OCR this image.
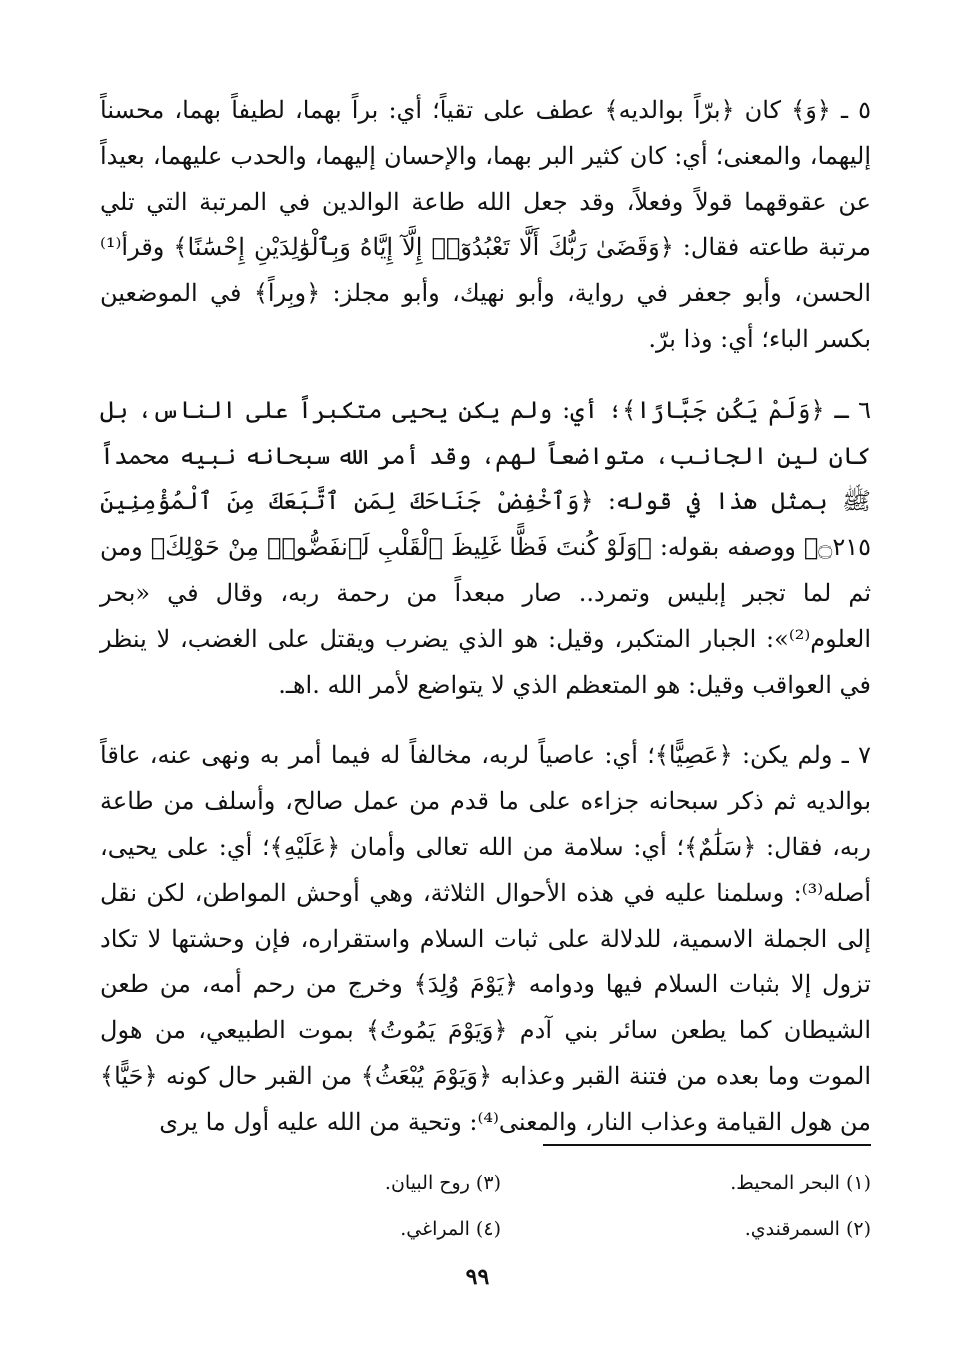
٥ ـ ﴿وَ﴾ كان ﴿برّاً بوالديه﴾ عطف على تقياً؛ أي: براً بهما، لطيفاً بهما، محسناً إليهما، والمعنى؛ أي: كان كثير البر بهما، والإحسان إليهما، والحدب عليهما، بعيداً عن عقوقهما قولاً وفعلاً، وقد جعل الله طاعة الوالدين في المرتبة التي تلي مرتبة طاعته فقال: ﴿وَقَضَىٰ رَبُّكَ أَلَّا تَعْبُدُوٓا۟ إِلَّآ إِيَّاهُ وَبِٱلْوَٰلِدَيْنِ إِحْسَٰنًا﴾ وقرأ⁽¹⁾ الحسن، وأبو جعفر في رواية، وأبو نهيك، وأبو مجلز: ﴿وبِراً﴾ في الموضعين بكسر الباء؛ أي: وذا برّ.

٦ ـ ﴿وَلَمْ يَكُن جَبَّارًا﴾؛ أي: ولم يكن يحيى متكبراً على الناس، بل كان لين الجانب، متواضعاً لهم، وقد أمر الله سبحانه نبيه محمداً ﷺ بمثل هذا في قوله: ﴿وَٱخْفِضْ جَنَاحَكَ لِمَنِ ٱتَّبَعَكَ مِنَ ٱلْمُؤْمِنِينَ ۝٢١٥﴾ ووصفه بقوله: ﴿وَلَوْ كُنتَ فَظًّا غَلِيظَ ٱلْقَلْبِ لَٱنفَضُّوا۟ مِنْ حَوْلِكَ﴾ ومن ثم لما تجبر إبليس وتمرد.. صار مبعداً من رحمة ربه، وقال في «بحر العلوم⁽²⁾»: الجبار المتكبر، وقيل: هو الذي يضرب ويقتل على الغضب، لا ينظر في العواقب وقيل: هو المتعظم الذي لا يتواضع لأمر الله .اهـ.

٧ ـ ولم يكن: ﴿عَصِيًّا﴾؛ أي: عاصياً لربه، مخالفاً له فيما أمر به ونهى عنه، عاقاً بوالديه ثم ذكر سبحانه جزاءه على ما قدم من عمل صالح، وأسلف من طاعة ربه، فقال: ﴿سَلَٰمٌ﴾؛ أي: سلامة من الله تعالى وأمان ﴿عَلَيْهِ﴾؛ أي: على يحيى، أصله⁽³⁾: وسلمنا عليه في هذه الأحوال الثلاثة، وهي أوحش المواطن، لكن نقل إلى الجملة الاسمية، للدلالة على ثبات السلام واستقراره، فإن وحشتها لا تكاد تزول إلا بثبات السلام فيها ودوامه ﴿يَوْمَ وُلِدَ﴾ وخرج من رحم أمه، من طعن الشيطان كما يطعن سائر بني آدم ﴿وَيَوْمَ يَمُوتُ﴾ بموت الطبيعي، من هول الموت وما بعده من فتنة القبر وعذابه ﴿وَيَوْمَ يُبْعَثُ﴾ من القبر حال كونه ﴿حَيًّا﴾ من هول القيامة وعذاب النار، والمعنى⁽⁴⁾: وتحية من الله عليه أول ما يرى

(١) البحر المحيط.
(٣) روح البيان.
(٢) السمرقندي.
(٤) المراغي.
٩٩
